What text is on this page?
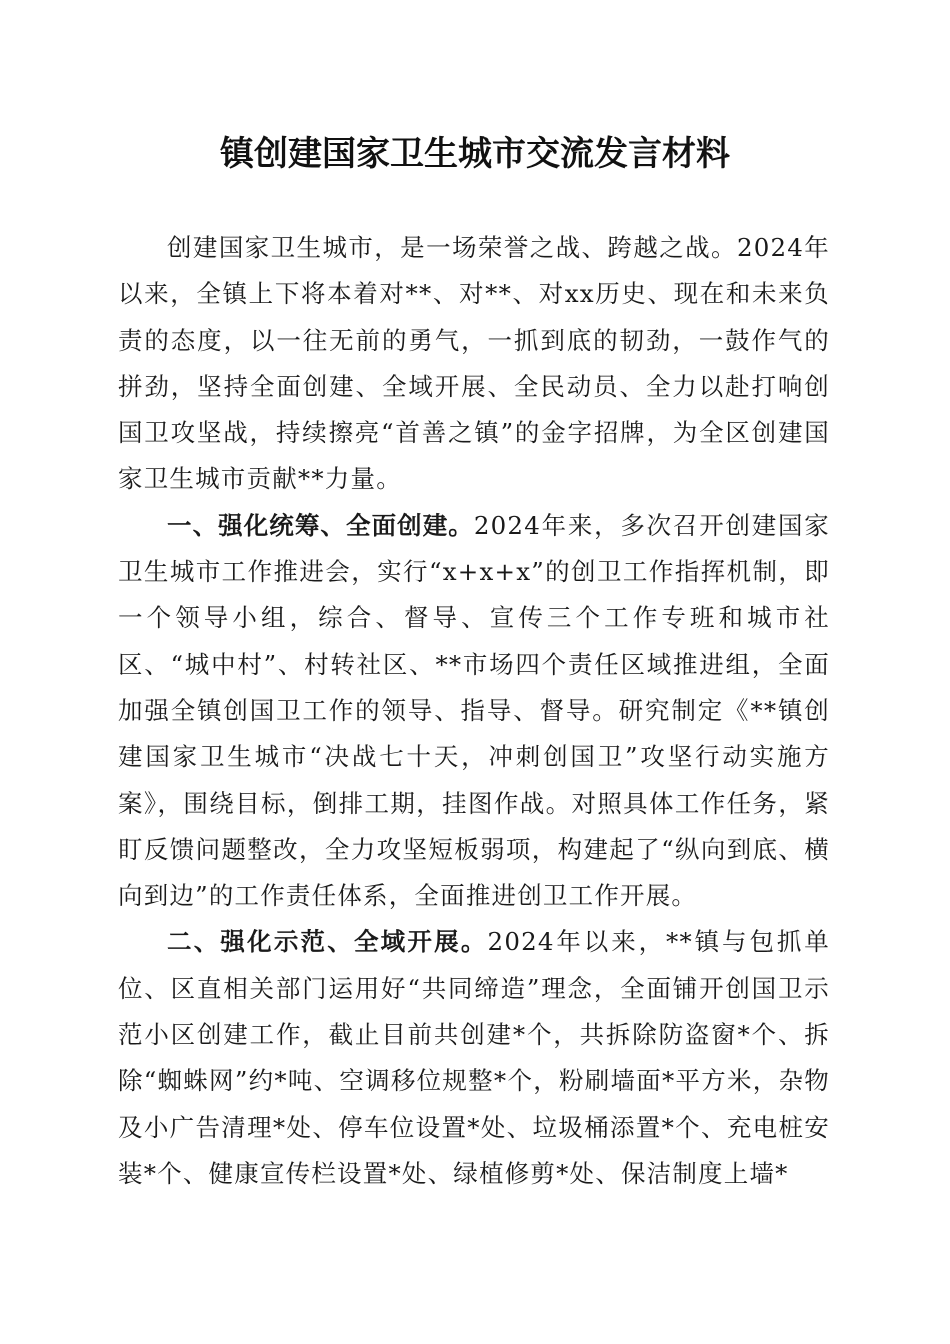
镇创建国家卫生城市交流发言材料

创建国家卫生城市，是一场荣誉之战、跨越之战。2024年以来，全镇上下将本着对**、对**、对xx历史、现在和未来负责的态度，以一往无前的勇气，一抓到底的韧劲，一鼓作气的拼劲，坚持全面创建、全域开展、全民动员、全力以赴打响创国卫攻坚战，持续擦亮“首善之镇”的金字招牌，为全区创建国家卫生城市贡献**力量。

一、强化统筹、全面创建。2024年来，多次召开创建国家卫生城市工作推进会，实行“x+x+x”的创卫工作指挥机制，即一个领导小组，综合、督导、宣传三个工作专班和城市社区、“城中村”、村转社区、**市场四个责任区域推进组，全面加强全镇创国卫工作的领导、指导、督导。研究制定《**镇创建国家卫生城市“决战七十天，冲刺创国卫”攻坚行动实施方案》，围绕目标，倒排工期，挂图作战。对照具体工作任务，紧盯反馈问题整改，全力攻坚短板弱项，构建起了“纵向到底、横向到边”的工作责任体系，全面推进创卫工作开展。

二、强化示范、全域开展。2024年以来，**镇与包抓单位、区直相关部门运用好“共同缔造”理念，全面铺开创国卫示范小区创建工作，截止目前共创建*个，共拆除防盗窗*个、拆除“蜘蛛网”约*吨、空调移位规整*个，粉刷墙面*平方米，杂物及小广告清理*处、停车位设置*处、垃圾桶添置*个、充电桩安装*个、健康宣传栏设置*处、绿植修剪*处、保洁制度上墙*
